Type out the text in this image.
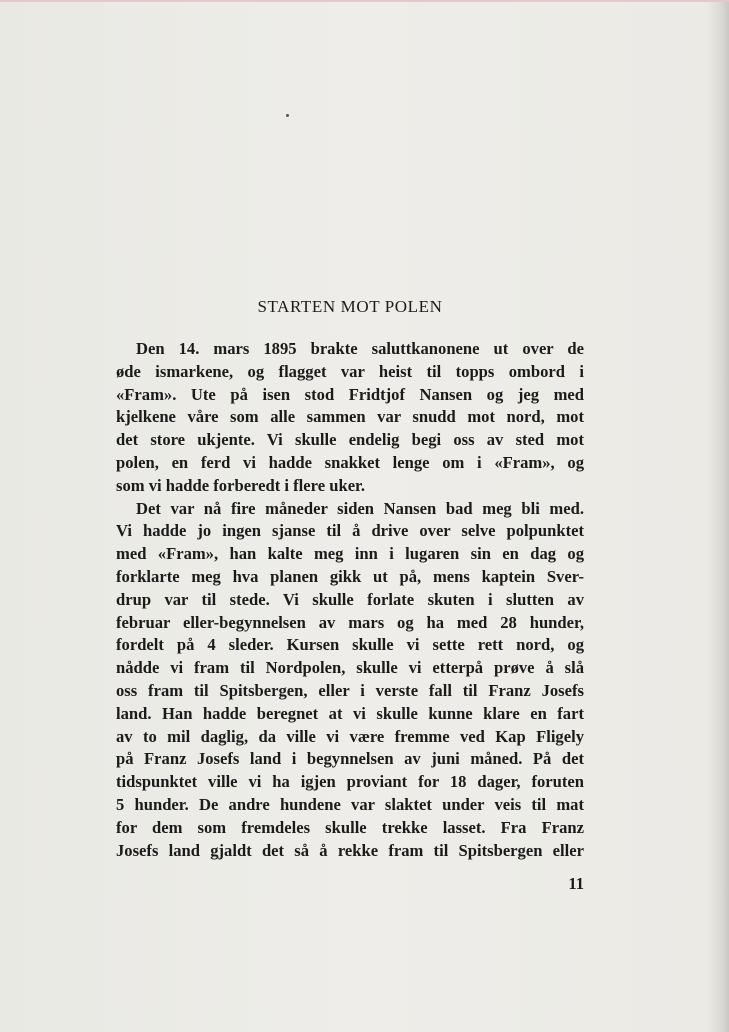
STARTEN MOT POLEN
Den 14. mars 1895 brakte saluttkanonene ut over de
øde ismarkene, og flagget var heist til topps ombord i
«Fram». Ute på isen stod Fridtjof Nansen og jeg med
kjelkene våre som alle sammen var snudd mot nord, mot
det store ukjente. Vi skulle endelig begi oss av sted mot
polen, en ferd vi hadde snakket lenge om i «Fram», og
som vi hadde forberedt i flere uker.
Det var nå fire måneder siden Nansen bad meg bli med.
Vi hadde jo ingen sjanse til å drive over selve polpunktet
med «Fram», han kalte meg inn i lugaren sin en dag og
forklarte meg hva planen gikk ut på, mens kaptein Sver-
drup var til stede. Vi skulle forlate skuten i slutten av
februar eller-begynnelsen av mars og ha med 28 hunder,
fordelt på 4 sleder. Kursen skulle vi sette rett nord, og
nådde vi fram til Nordpolen, skulle vi etterpå prøve å slå
oss fram til Spitsbergen, eller i verste fall til Franz Josefs
land. Han hadde beregnet at vi skulle kunne klare en fart
av to mil daglig, da ville vi være fremme ved Kap Fligely
på Franz Josefs land i begynnelsen av juni måned. På det
tidspunktet ville vi ha igjen proviant for 18 dager, foruten
5 hunder. De andre hundene var slaktet under veis til mat
for dem som fremdeles skulle trekke lasset. Fra Franz
Josefs land gjaldt det så å rekke fram til Spitsbergen eller
11
